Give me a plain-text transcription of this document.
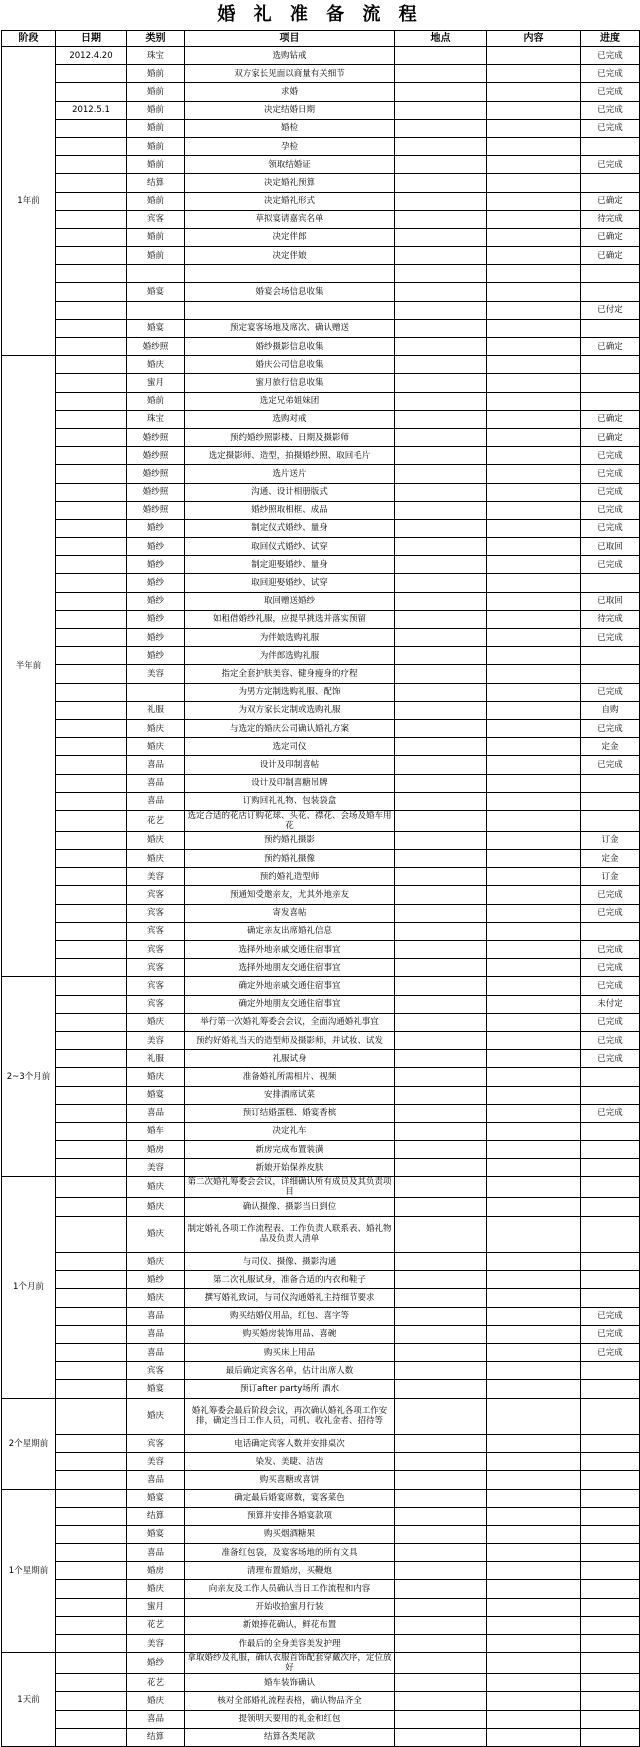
婚 礼 准 备 流 程
阶段	日期	类别	项目	地点	内容	进度
1年前	2012.4.20	珠宝	选购钻戒			已完成
		婚前	双方家长见面以商量有关细节			已完成
		婚前	求婚			已完成
	2012.5.1	婚前	决定结婚日期			已完成
		婚前	婚检			已完成
		婚前	孕检			
		婚前	领取结婚证			已完成
		结算	决定婚礼预算			
		婚前	决定婚礼形式			已确定
		宾客	草拟宴请嘉宾名单			待完成
		婚前	决定伴郎			已确定
		婚前	决定伴娘			已确定

		婚宴	婚宴会场信息收集			
						已付定
		婚宴	预定宴客场地及席次、确认赠送			
		婚纱照	婚纱摄影信息收集			已确定
半年前		婚庆	婚庆公司信息收集			
		蜜月	蜜月旅行信息收集			
		婚前	选定兄弟姐妹团			
		珠宝	选购对戒			已确定
		婚纱照	预约婚纱照影楼、日期及摄影师			已确定
		婚纱照	选定摄影师、造型，拍摄婚纱照、取回毛片			已完成
		婚纱照	选片送片			已完成
		婚纱照	沟通、设计相册版式			已完成
		婚纱照	婚纱照取相框、成品			已完成
		婚纱	制定仪式婚纱、量身			已完成
		婚纱	取回仪式婚纱、试穿			已取回
		婚纱	制定迎娶婚纱、量身			已完成
		婚纱	取回迎娶婚纱、试穿			
		婚纱	取回赠送婚纱			已取回
		婚纱	如租借婚纱礼服，应提早挑选并落实预留			待完成
		婚纱	为伴娘选购礼服			已完成
		婚纱	为伴郎选购礼服			
		美容	指定全套护肤美容、健身瘦身的疗程			
			为男方定制选购礼服、配饰			已完成
		礼服	为双方家长定制或选购礼服			自购
		婚庆	与选定的婚庆公司确认婚礼方案			已完成
		婚庆	选定司仪			定金
		喜品	设计及印制喜帖			已完成
		喜品	设计及印制喜糖吊牌			
		喜品	订购回礼礼物、包装袋盒			
		花艺	选定合适的花店订购花球、头花、襟花、会场及婚车用花			
		婚庆	预约婚礼摄影			订金
		婚庆	预约婚礼摄像			定金
		美容	预约婚礼造型师			订金
		宾客	预通知受邀亲友，尤其外地亲友			已完成
		宾客	寄发喜帖			已完成
		宾客	确定亲友出席婚礼信息			
		宾客	选择外地亲戚交通住宿事宜			已完成
		宾客	选择外地朋友交通住宿事宜			已完成
2~3个月前		宾客	确定外地亲戚交通住宿事宜			已完成
		宾客	确定外地朋友交通住宿事宜			未付定
		婚庆	举行第一次婚礼筹委会会议，全面沟通婚礼事宜			已完成
		美容	预约好婚礼当天的造型师及摄影师，并试妆、试发			已完成
		礼服	礼服试身			已完成
		婚庆	准备婚礼所需相片、视频			
		婚宴	安排酒席试菜			
		喜品	预订结婚蛋糕、婚宴香槟			已完成
		婚车	决定礼车			
		婚房	新房完成布置装潢			
		美容	新娘开始保养皮肤			
1个月前		婚庆	第二次婚礼筹委会会议，详细确认所有成员及其负责项目			
		婚庆	确认摄像、摄影当日到位			
		婚庆	制定婚礼各项工作流程表、工作负责人联系表、婚礼物品及负责人清单			
		婚庆	与司仪、摄像、摄影沟通			
		婚纱	第二次礼服试身，准备合适的内衣和鞋子			
		婚庆	撰写婚礼致词，与司仪沟通婚礼主持细节要求			
		喜品	购买结婚仪用品，红包、喜字等			已完成
		喜品	购买婚房装饰用品、喜碗			已完成
		喜品	购买床上用品			已完成
		宾客	最后确定宾客名单，估计出席人数			
		婚宴	预订after party场所 酒水			
2个星期前		婚庆	婚礼筹委会最后阶段会议，再次确认婚礼各项工作安排，确定当日工作人员，司机、收礼金者、招待等			
		宾客	电话确定宾客人数并安排桌次			
		美容	染发、美睫、洁齿			
		喜品	购买喜糖或喜饼			
1个星期前		婚宴	确定最后婚宴席数，宴客菜色			
		结算	预算并安排各婚宴款项			
		婚宴	购买烟酒糖果			
		喜品	准备红包袋，及宴客场地的所有文具			
		婚房	清理布置婚房，买鞭炮			
		婚庆	向亲友及工作人员确认当日工作流程和内容			
		蜜月	开始收拾蜜月行装			
		花艺	新娘捧花确认，鲜花布置			
		美容	作最后的全身美容美发护理			
1天前		婚纱	拿取婚纱及礼服，确认衣服首饰配套穿戴次序，定位放好			
		花艺	婚车装饰确认			
		婚庆	核对全部婚礼流程表格，确认物品齐全			
		喜品	提领明天要用的礼金和红包			
		结算	结算各类尾款			
